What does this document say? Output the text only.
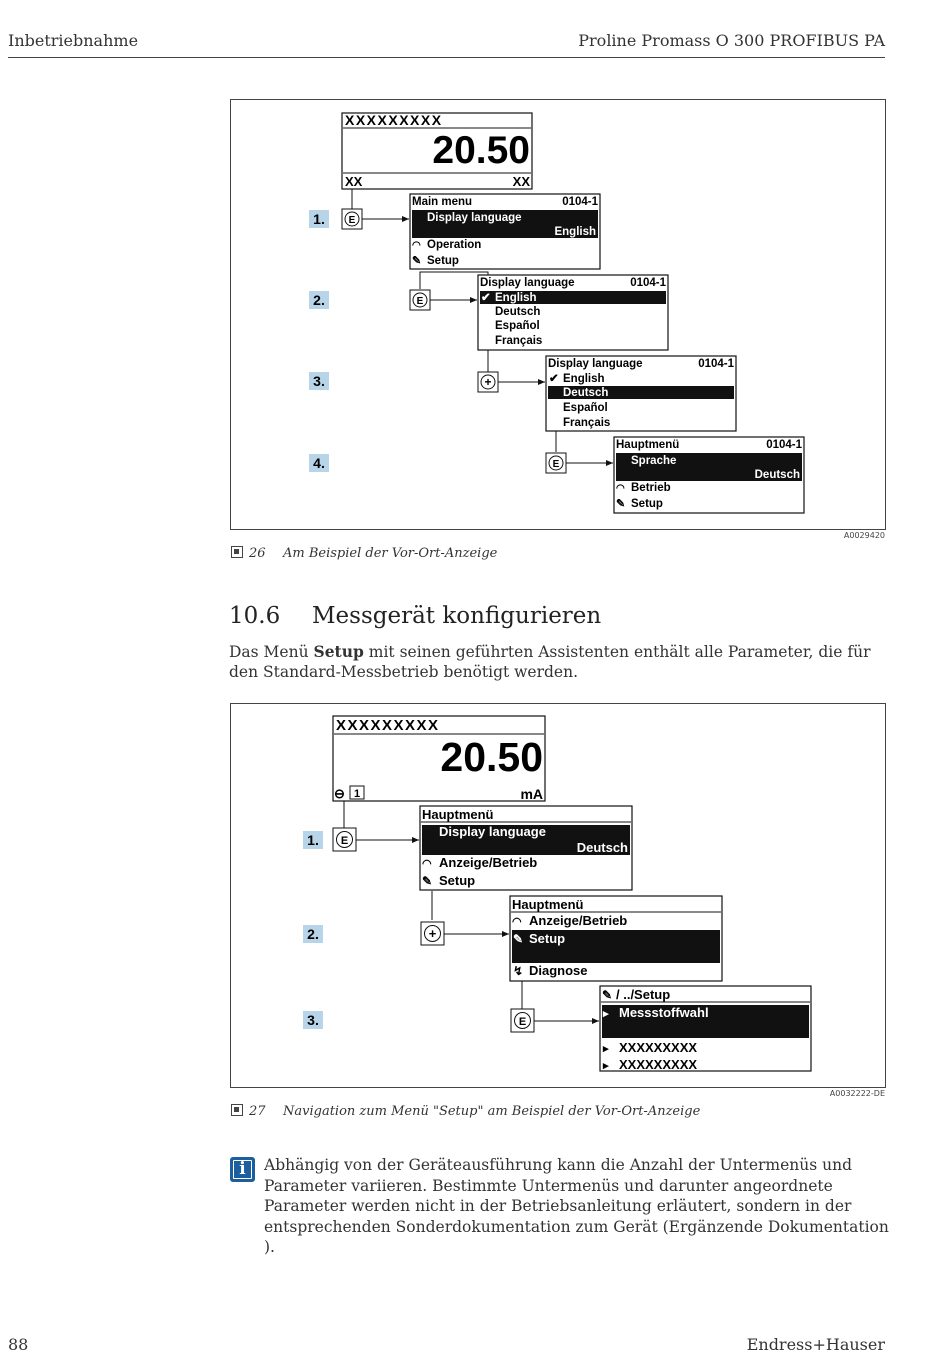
Inbetriebnahme	Proline Promass O 300 PROFIBUS PA
XXXXXXXXX
20.50
XX	XX
1. E
Main menu	0104-1
Display language
English
◠ Operation
✎ Setup
2.	E
Display language	0104-1
✔ English
Deutsch
Español
Français
3.	+
Display language	0104-1
✔ English
Deutsch
Español
Français
4.	E
Hauptmenü	0104-1
Sprache
Deutsch
◠ Betrieb
✎ Setup
A0029420
26 Am Beispiel der Vor-Ort-Anzeige
10.6 Messgerät konfigurieren
Das Menü Setup mit seinen geführten Assistenten enthält alle Parameter, die für den Standard-Messbetrieb benötigt werden.
XXXXXXXXX
20.50
⊖ 1	mA
1. E
Hauptmenü
Display language
Deutsch
◠ Anzeige/Betrieb
✎ Setup
2.	+
Hauptmenü
◠ Anzeige/Betrieb
✎ Setup
↯ Diagnose
3.	E
✎ / ../Setup
▸ Messstoffwahl
▸ XXXXXXXXX
▸ XXXXXXXXX
A0032222-DE
27 Navigation zum Menü "Setup" am Beispiel der Vor-Ort-Anzeige
i	Abhängig von der Geräteausführung kann die Anzahl der Untermenüs und Parameter variieren. Bestimmte Untermenüs und darunter angeordnete Parameter werden nicht in der Betriebsanleitung erläutert, sondern in der entsprechenden Sonderdokumentation zum Gerät (Ergänzende Dokumentation ).
88	Endress+Hauser
